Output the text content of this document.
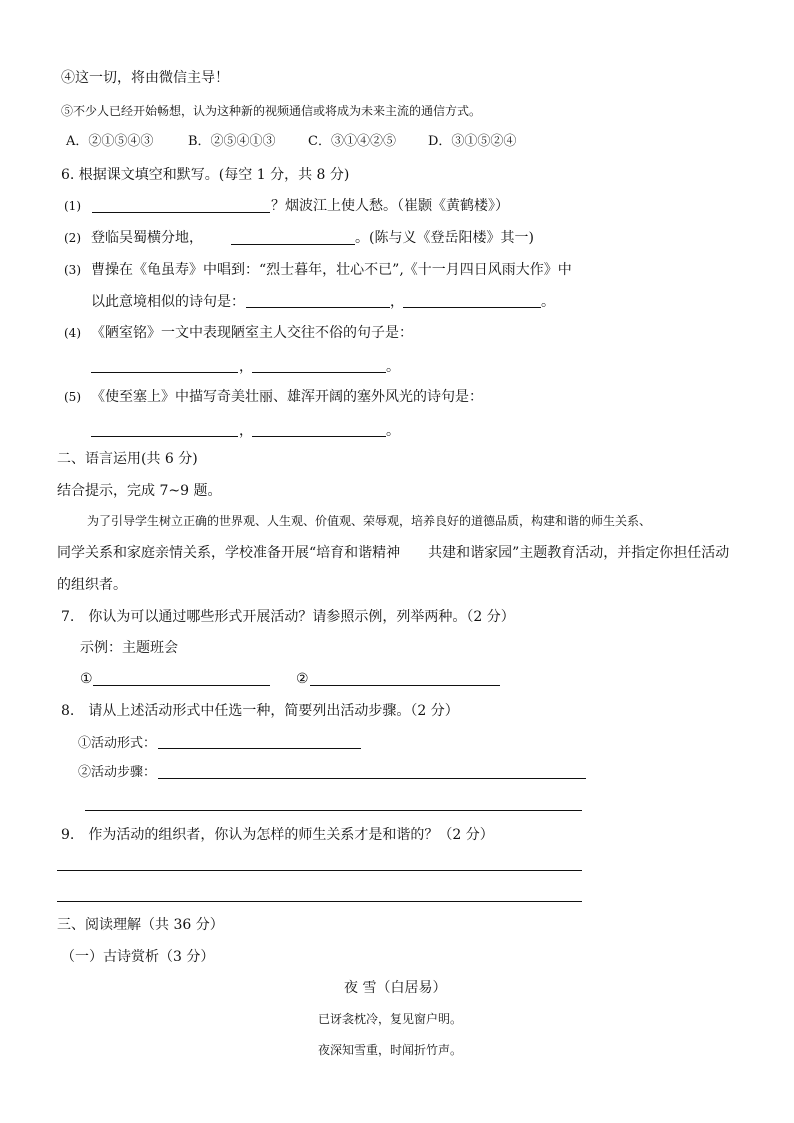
④这一切，将由微信主导！
⑤不少人已经开始畅想，认为这种新的视频通信或将成为未来主流的通信方式。
A．②①⑤④③	B．②⑤④①③ C．③①④②⑤ D．③①⑤②④
6. 根据课文填空和默写。(每空 1 分，共 8 分)
(1)	？烟波江上使人愁。（崔颢《黄鹤楼》）
(2) 登临吴蜀横分地，	。(陈与义《登岳阳楼》其一)
(3) 曹操在《龟虽寿》中唱到：“烈士暮年，壮心不已”,《十一月四日风雨大作》中
以此意境相似的诗句是：	，	。
(4) 《陋室铭》一文中表现陋室主人交往不俗的句子是：
，	。
(5) 《使至塞上》中描写奇美壮丽、雄浑开阔的塞外风光的诗句是：
，	。
二、语言运用(共 6 分)
结合提示，完成 7~9 题。
为了引导学生树立正确的世界观、人生观、价值观、荣辱观，培养良好的道德品质，构建和谐的师生关系、
同学关系和家庭亲情关系，学校准备开展“培育和谐精神　　共建和谐家园”主题教育活动，并指定你担任活动
的组织者。
7.　你认为可以通过哪些形式开展活动？请参照示例，列举两种。（2 分）
示例：主题班会
①	②
8.　请从上述活动形式中任选一种，简要列出活动步骤。（2 分）
①活动形式：
②活动步骤：
9.　作为活动的组织者，你认为怎样的师生关系才是和谐的？（2 分）
三、阅读理解（共 36 分）
（一）古诗赏析（3 分）
夜 雪（白居易）
已讶衾枕冷，复见窗户明。
夜深知雪重，时闻折竹声。
